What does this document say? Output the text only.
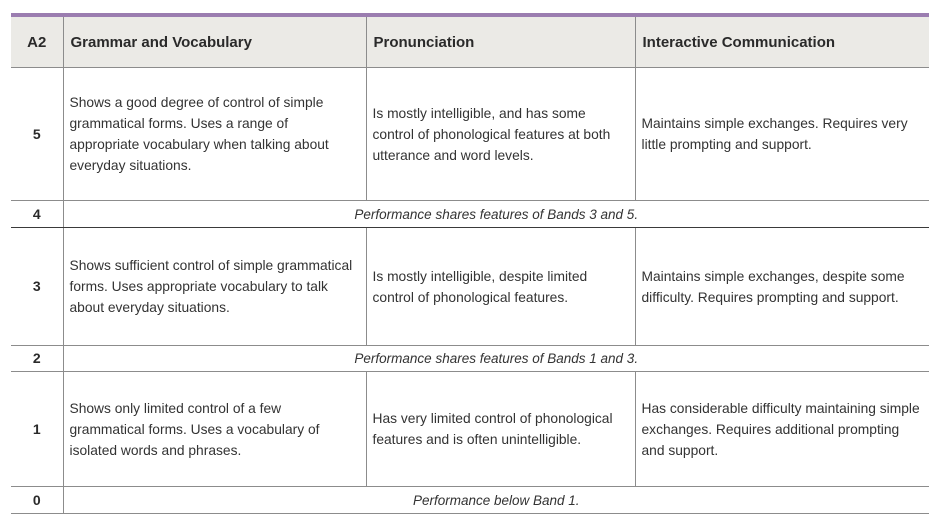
A2	Grammar and Vocabulary	Pronunciation	Interactive Communication
5	Shows a good degree of control of simple grammatical forms. Uses a range of appropriate vocabulary when talking about everyday situations.	Is mostly intelligible, and has some control of phonological features at both utterance and word levels.	Maintains simple exchanges. Requires very little prompting and support.
4	Performance shares features of Bands 3 and 5.		
3	Shows sufficient control of simple grammatical forms. Uses appropriate vocabulary to talk about everyday situations.	Is mostly intelligible, despite limited control of phonological features.	Maintains simple exchanges, despite some difficulty. Requires prompting and support.
2	Performance shares features of Bands 1 and 3.		
1	Shows only limited control of a few grammatical forms. Uses a vocabulary of isolated words and phrases.	Has very limited control of phonological features and is often unintelligible.	Has considerable difficulty maintaining simple exchanges. Requires additional prompting and support.
0	Performance below Band 1.		
